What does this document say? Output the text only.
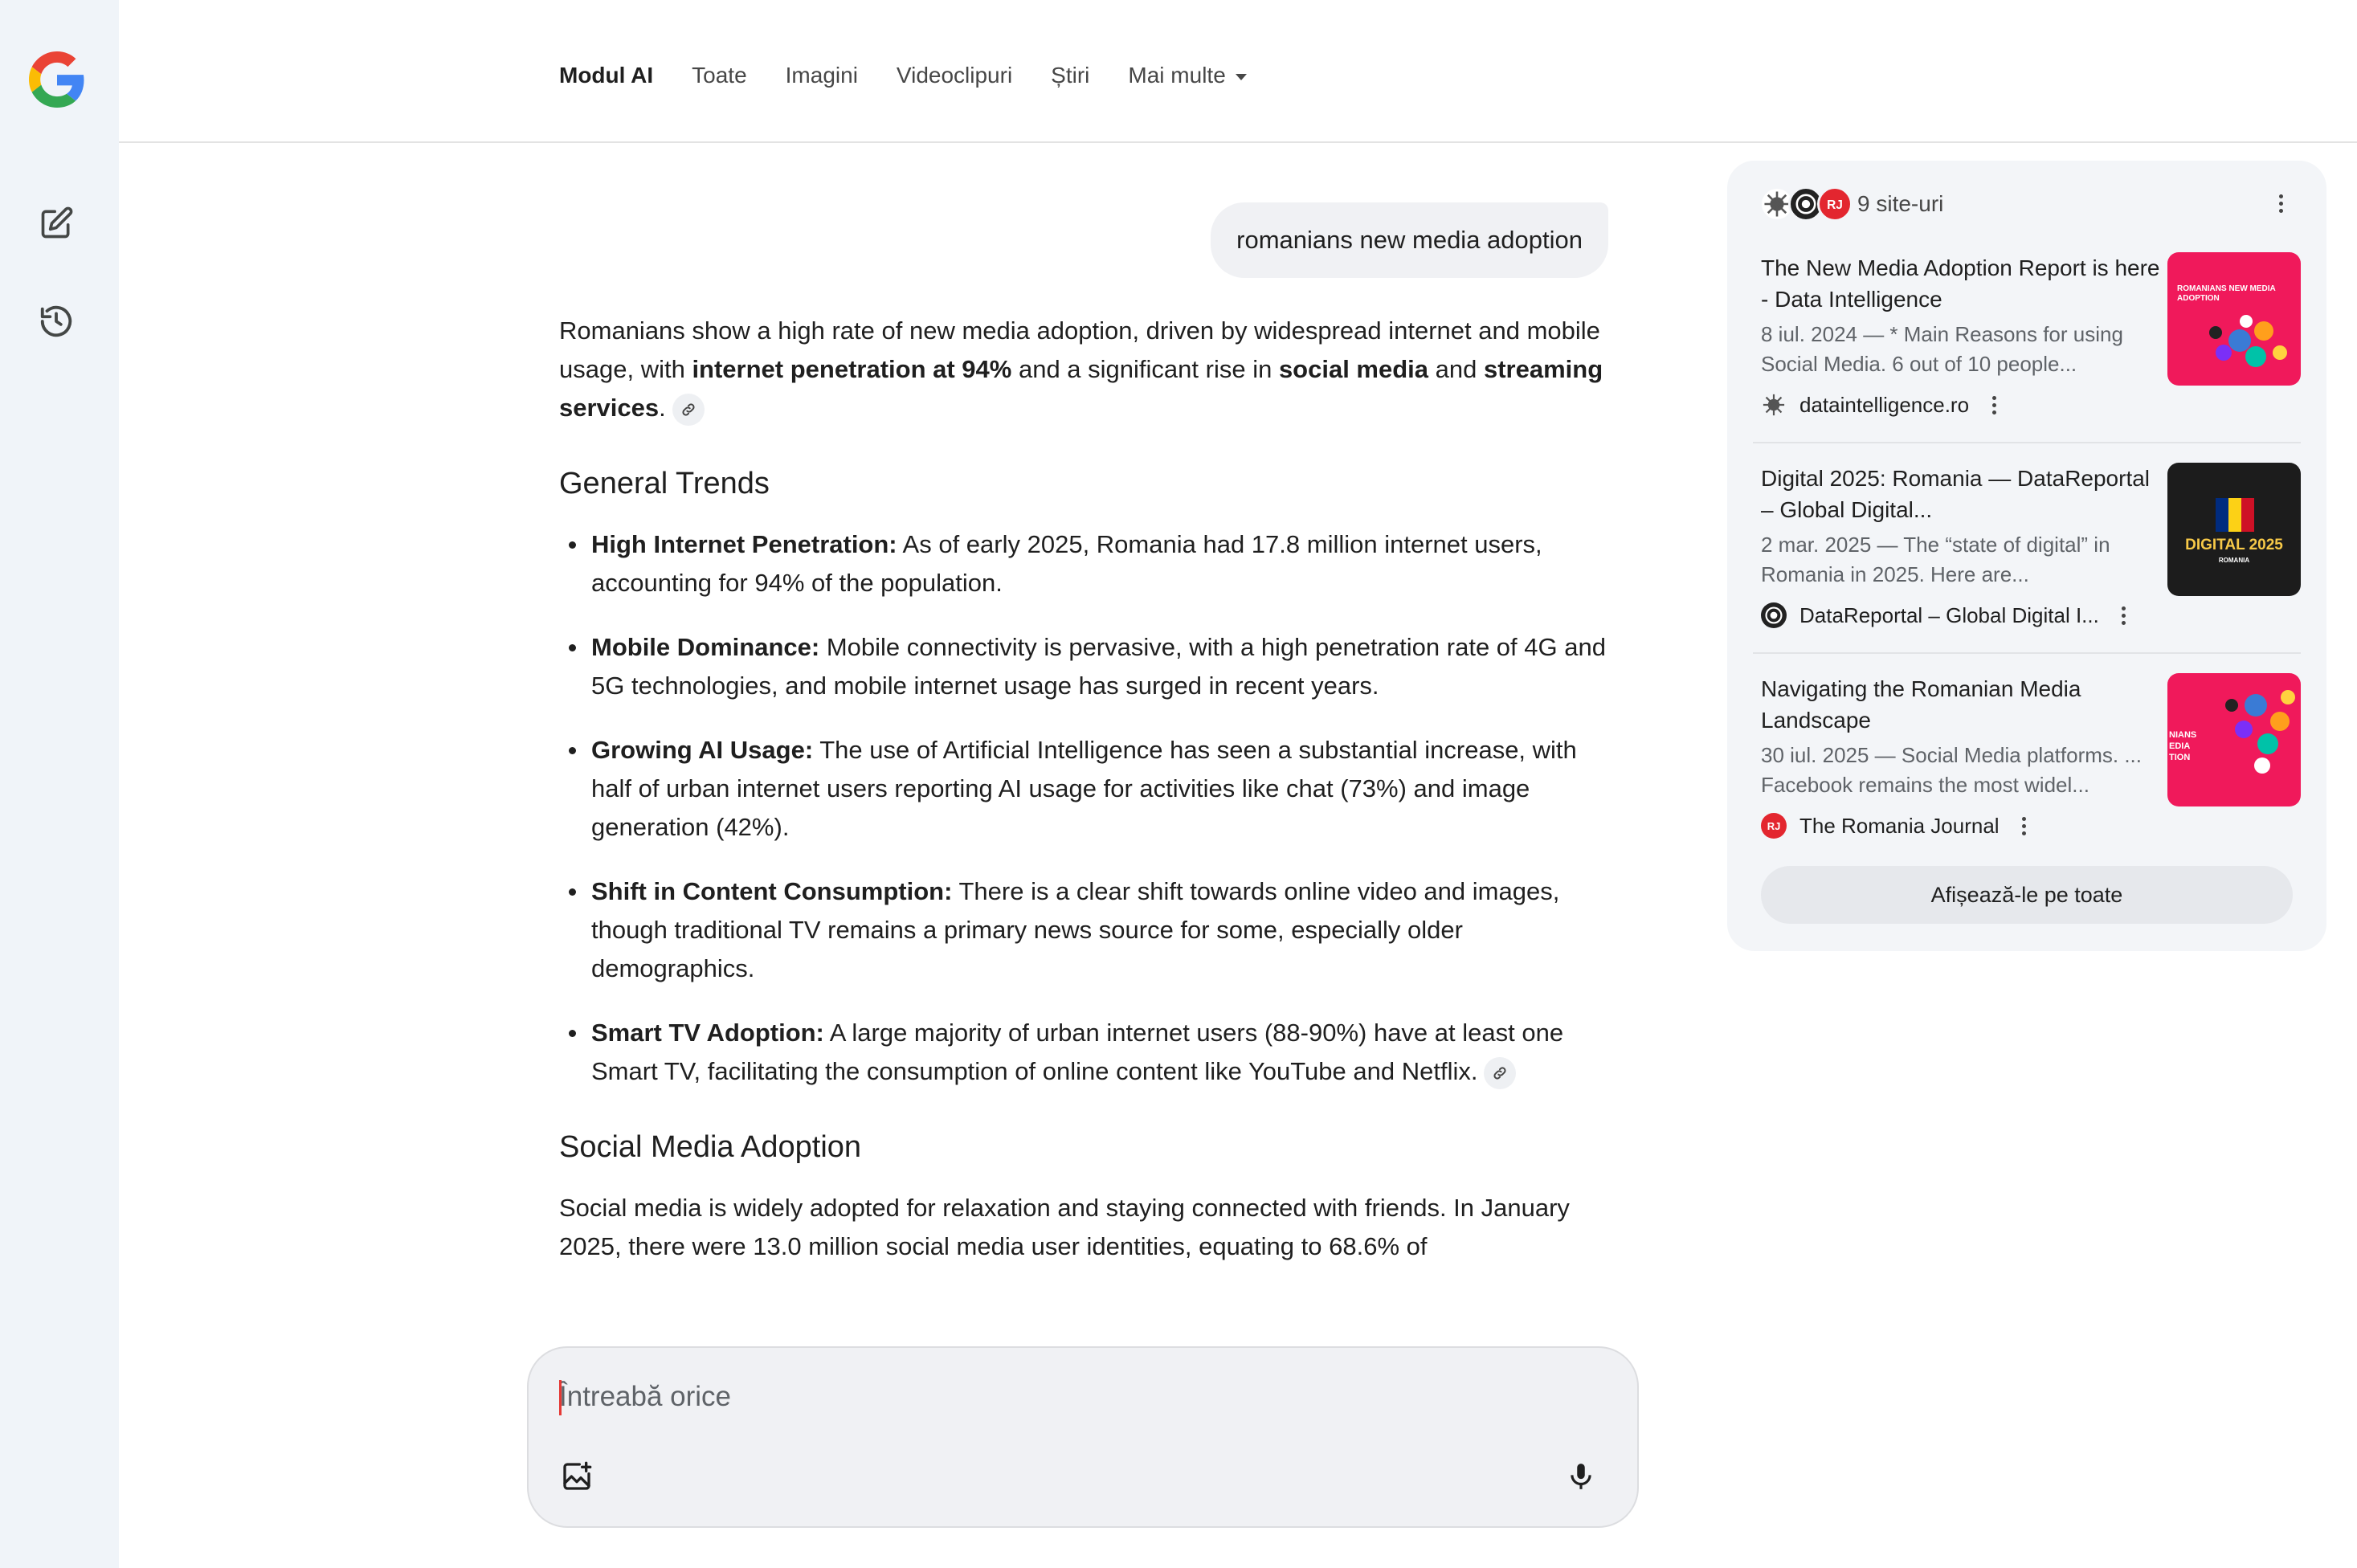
Modul AI Toate Imagini Videoclipuri Știri Mai multe
romanians new media adoption

Romanians show a high rate of new media adoption, driven by widespread internet and mobile usage, with internet penetration at 94% and a significant rise in social media and streaming services.

General Trends
High Internet Penetration: As of early 2025, Romania had 17.8 million internet users, accounting for 94% of the population.
Mobile Dominance: Mobile connectivity is pervasive, with a high penetration rate of 4G and 5G technologies, and mobile internet usage has surged in recent years.
Growing AI Usage: The use of Artificial Intelligence has seen a substantial increase, with half of urban internet users reporting AI usage for activities like chat (73%) and image generation (42%).
Shift in Content Consumption: There is a clear shift towards online video and images, though traditional TV remains a primary news source for some, especially older demographics.
Smart TV Adoption: A large majority of urban internet users (88-90%) have at least one Smart TV, facilitating the consumption of online content like YouTube and Netflix.
Social Media Adoption

Social media is widely adopted for relaxation and staying connected with friends. In January 2025, there were 13.0 million social media user identities, equating to 68.6% of

RJ 9 site-uri
The New Media Adoption Report is here - Data Intelligence
8 iul. 2024 — * Main Reasons for using Social Media. 6 out of 10 people...
ROMANIANS NEW MEDIA ADOPTION
dataintelligence.ro
Digital 2025: Romania — DataReportal – Global Digital...
2 mar. 2025 — The “state of digital” in Romania in 2025. Here are...
DIGITAL 2025
ROMANIA
DataReportal – Global Digital I...
Navigating the Romanian Media Landscape
30 iul. 2025 — Social Media platforms. ... Facebook remains the most widel...
NIANS EDIA TION
RJ The Romania Journal
Afișează-le pe toate
Întreabă orice
